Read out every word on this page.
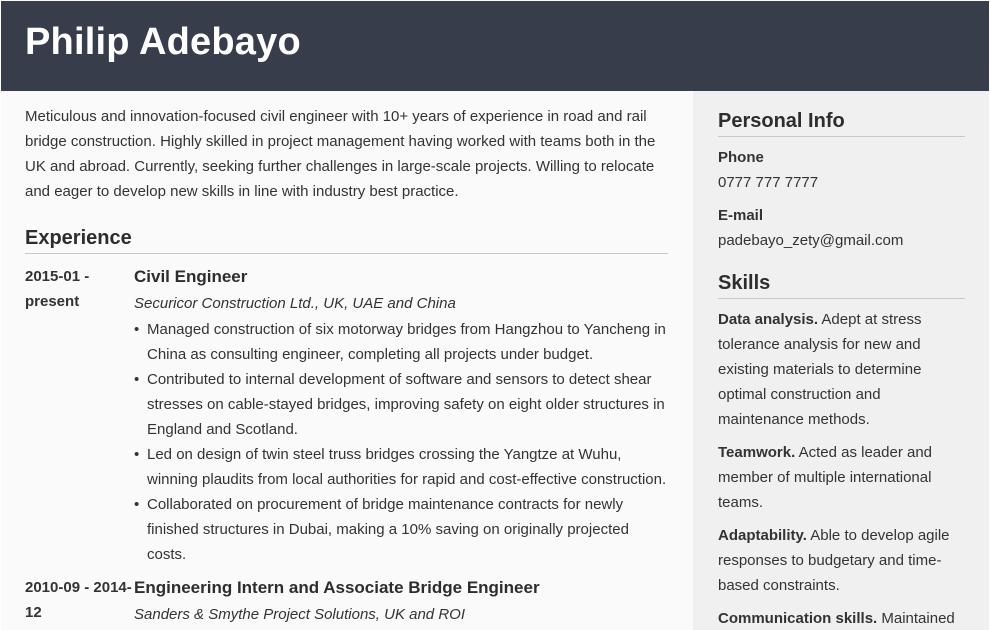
Philip Adebayo

Meticulous and innovation-focused civil engineer with 10+ years of experience in road and rail bridge construction. Highly skilled in project management having worked with teams both in the UK and abroad. Currently, seeking further challenges in large-scale projects. Willing to relocate and eager to develop new skills in line with industry best practice.

Experience
2015-01 - present
Civil Engineer
Securicor Construction Ltd., UK, UAE and China
• Managed construction of six motorway bridges from Hangzhou to Yancheng in China as consulting engineer, completing all projects under budget.
• Contributed to internal development of software and sensors to detect shear stresses on cable-stayed bridges, improving safety on eight older structures in England and Scotland.
• Led on design of twin steel truss bridges crossing the Yangtze at Wuhu, winning plaudits from local authorities for rapid and cost-effective construction.
• Collaborated on procurement of bridge maintenance contracts for newly finished structures in Dubai, making a 10% saving on originally projected costs.
2010-09 - 2014-12
Engineering Intern and Associate Bridge Engineer
Sanders & Smythe Project Solutions, UK and ROI
Personal Info
Phone
0777 777 7777
E-mail
padebayo_zety@gmail.com
Skills
Data analysis. Adept at stress tolerance analysis for new and existing materials to determine optimal construction and maintenance methods.
Teamwork. Acted as leader and member of multiple international teams.
Adaptability. Able to develop agile responses to budgetary and time-based constraints.
Communication skills. Maintained
